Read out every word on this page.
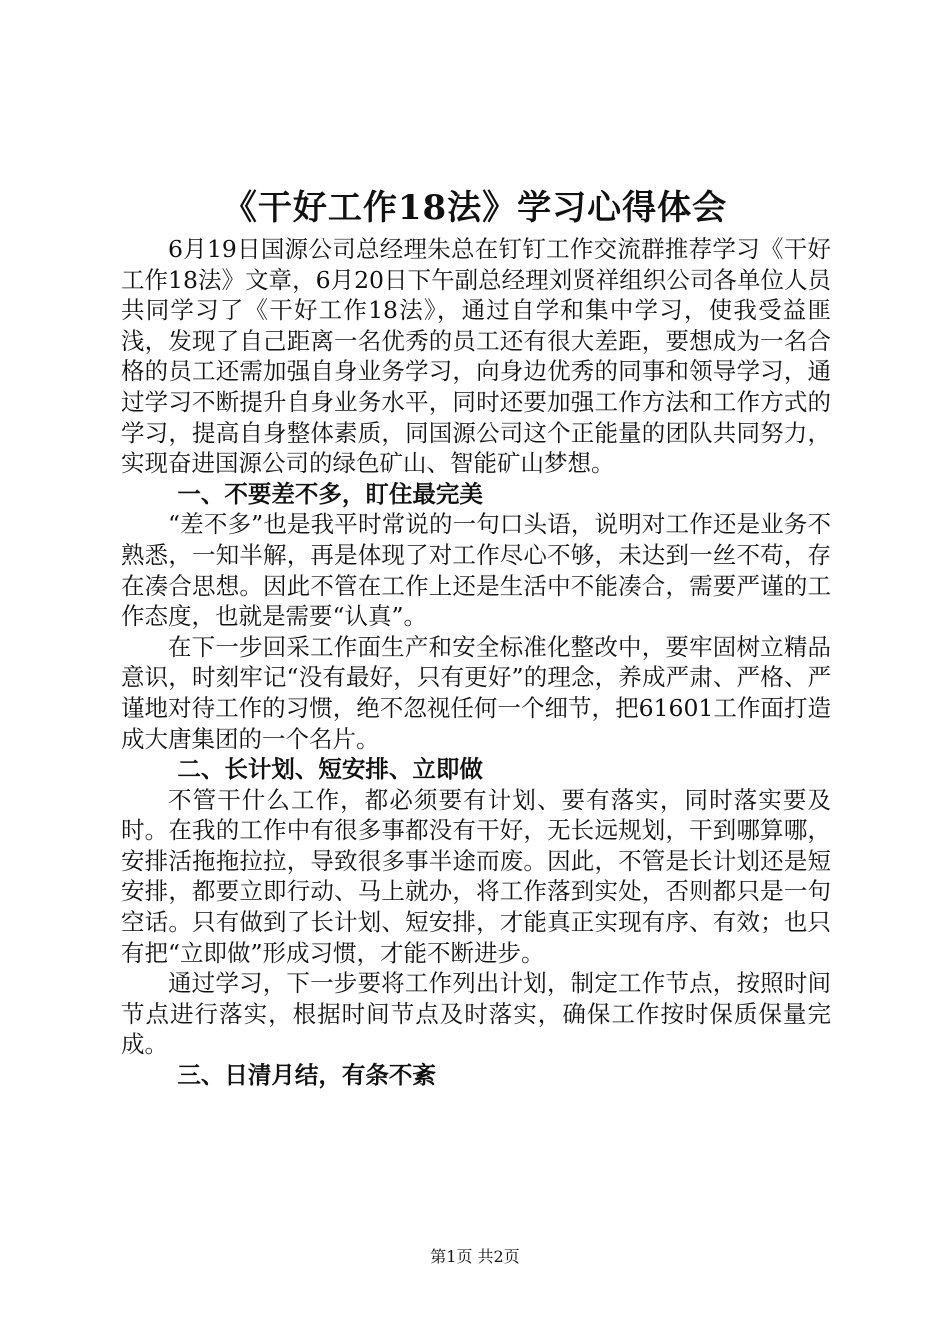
《干好工作18法》学习心得体会

6月19日国源公司总经理朱总在钉钉工作交流群推荐学习《干好工作18法》文章，6月20日下午副总经理刘贤祥组织公司各单位人员共同学习了《干好工作18法》，通过自学和集中学习，使我受益匪浅，发现了自己距离一名优秀的员工还有很大差距，要想成为一名合格的员工还需加强自身业务学习，向身边优秀的同事和领导学习，通过学习不断提升自身业务水平，同时还要加强工作方法和工作方式的学习，提高自身整体素质，同国源公司这个正能量的团队共同努力，实现奋进国源公司的绿色矿山、智能矿山梦想。

一、不要差不多，盯住最完美

“差不多”也是我平时常说的一句口头语，说明对工作还是业务不熟悉，一知半解，再是体现了对工作尽心不够，未达到一丝不苟，存在凑合思想。因此不管在工作上还是生活中不能凑合，需要严谨的工作态度，也就是需要“认真”。

在下一步回采工作面生产和安全标准化整改中，要牢固树立精品意识，时刻牢记“没有最好，只有更好”的理念，养成严肃、严格、严谨地对待工作的习惯，绝不忽视任何一个细节，把61601工作面打造成大唐集团的一个名片。

二、长计划、短安排、立即做

不管干什么工作，都必须要有计划、要有落实，同时落实要及时。在我的工作中有很多事都没有干好，无长远规划，干到哪算哪，安排活拖拖拉拉，导致很多事半途而废。因此，不管是长计划还是短安排，都要立即行动、马上就办，将工作落到实处，否则都只是一句空话。只有做到了长计划、短安排，才能真正实现有序、有效；也只有把“立即做”形成习惯，才能不断进步。

通过学习，下一步要将工作列出计划，制定工作节点，按照时间节点进行落实，根据时间节点及时落实，确保工作按时保质保量完成。

三、日清月结，有条不紊
第1页 共2页
